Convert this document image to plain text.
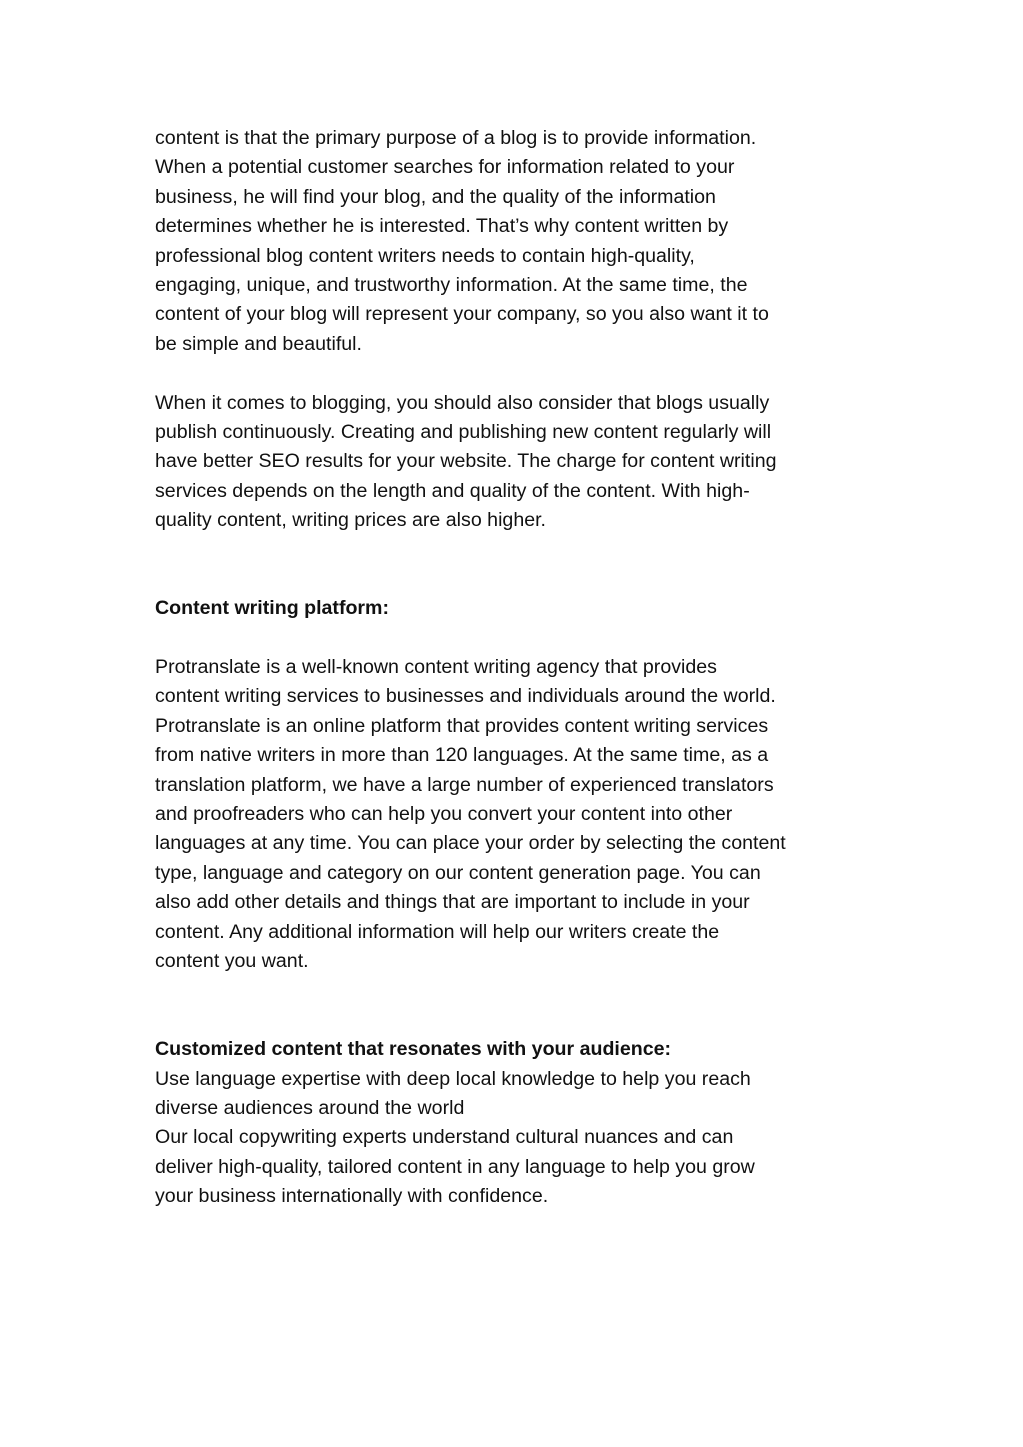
content is that the primary purpose of a blog is to provide information.
When a potential customer searches for information related to your
business, he will find your blog, and the quality of the information
determines whether he is interested. That’s why content written by
professional blog content writers needs to contain high-quality,
engaging, unique, and trustworthy information. At the same time, the
content of your blog will represent your company, so you also want it to
be simple and beautiful.
When it comes to blogging, you should also consider that blogs usually
publish continuously. Creating and publishing new content regularly will
have better SEO results for your website. The charge for content writing
services depends on the length and quality of the content. With high-
quality content, writing prices are also higher.
Content writing platform:
Protranslate is a well-known content writing agency that provides
content writing services to businesses and individuals around the world.
Protranslate is an online platform that provides content writing services
from native writers in more than 120 languages. At the same time, as a
translation platform, we have a large number of experienced translators
and proofreaders who can help you convert your content into other
languages at any time. You can place your order by selecting the content
type, language and category on our content generation page. You can
also add other details and things that are important to include in your
content. Any additional information will help our writers create the
content you want.
Customized content that resonates with your audience:
Use language expertise with deep local knowledge to help you reach
diverse audiences around the world
Our local copywriting experts understand cultural nuances and can
deliver high-quality, tailored content in any language to help you grow
your business internationally with confidence.
